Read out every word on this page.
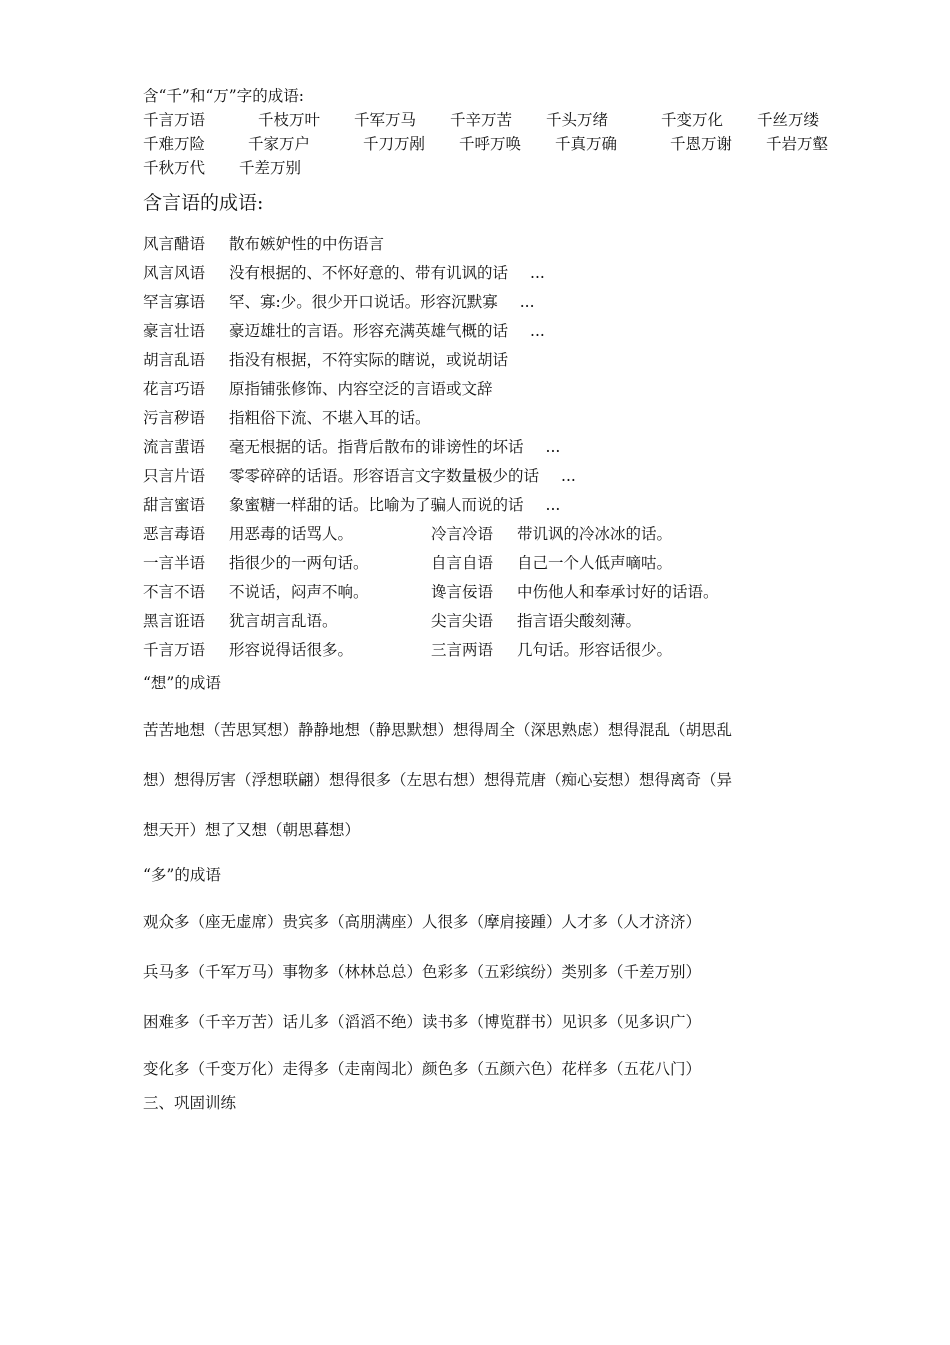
含“千”和“万”字的成语:
千言万语	千枝万叶	千军万马	千辛万苦	千头万绪	千变万化	千丝万缕
千难万险	千家万户	千刀万剐	千呼万唤	千真万确	千恩万谢	千岩万壑
千秋万代	千差万别
含言语的成语:
风言醋语	散布嫉妒性的中伤语言
风言风语	没有根据的、不怀好意的、带有讥讽的话 ...
罕言寡语	罕、寡:少。很少开口说话。形容沉默寡 ...
豪言壮语	豪迈雄壮的言语。形容充满英雄气概的话 ...
胡言乱语	指没有根据，不符实际的瞎说，或说胡话
花言巧语	原指铺张修饰、内容空泛的言语或文辞
污言秽语	指粗俗下流、不堪入耳的话。
流言蜚语	毫无根据的话。指背后散布的诽谤性的坏话 ...
只言片语	零零碎碎的话语。形容语言文字数量极少的话 ...
甜言蜜语	象蜜糖一样甜的话。比喻为了骗人而说的话 ...
恶言毒语	用恶毒的话骂人。	冷言冷语	带讥讽的冷冰冰的话。
一言半语	指很少的一两句话。	自言自语	自己一个人低声嘀咕。
不言不语	不说话，闷声不响。	谗言佞语	中伤他人和奉承讨好的话语。
黑言诳语	犹言胡言乱语。	尖言尖语	指言语尖酸刻薄。
千言万语	形容说得话很多。	三言两语	几句话。形容话很少。
“想”的成语
苦苦地想（苦思冥想）静静地想（静思默想）想得周全（深思熟虑）想得混乱（胡思乱
想）想得厉害（浮想联翩）想得很多（左思右想）想得荒唐（痴心妄想）想得离奇（异
想天开）想了又想（朝思暮想）
“多”的成语
观众多（座无虚席）贵宾多（高朋满座）人很多（摩肩接踵）人才多（人才济济）
兵马多（千军万马）事物多（林林总总）色彩多（五彩缤纷）类别多（千差万别）
困难多（千辛万苦）话儿多（滔滔不绝）读书多（博览群书）见识多（见多识广）
变化多（千变万化）走得多（走南闯北）颜色多（五颜六色）花样多（五花八门）
三、巩固训练
